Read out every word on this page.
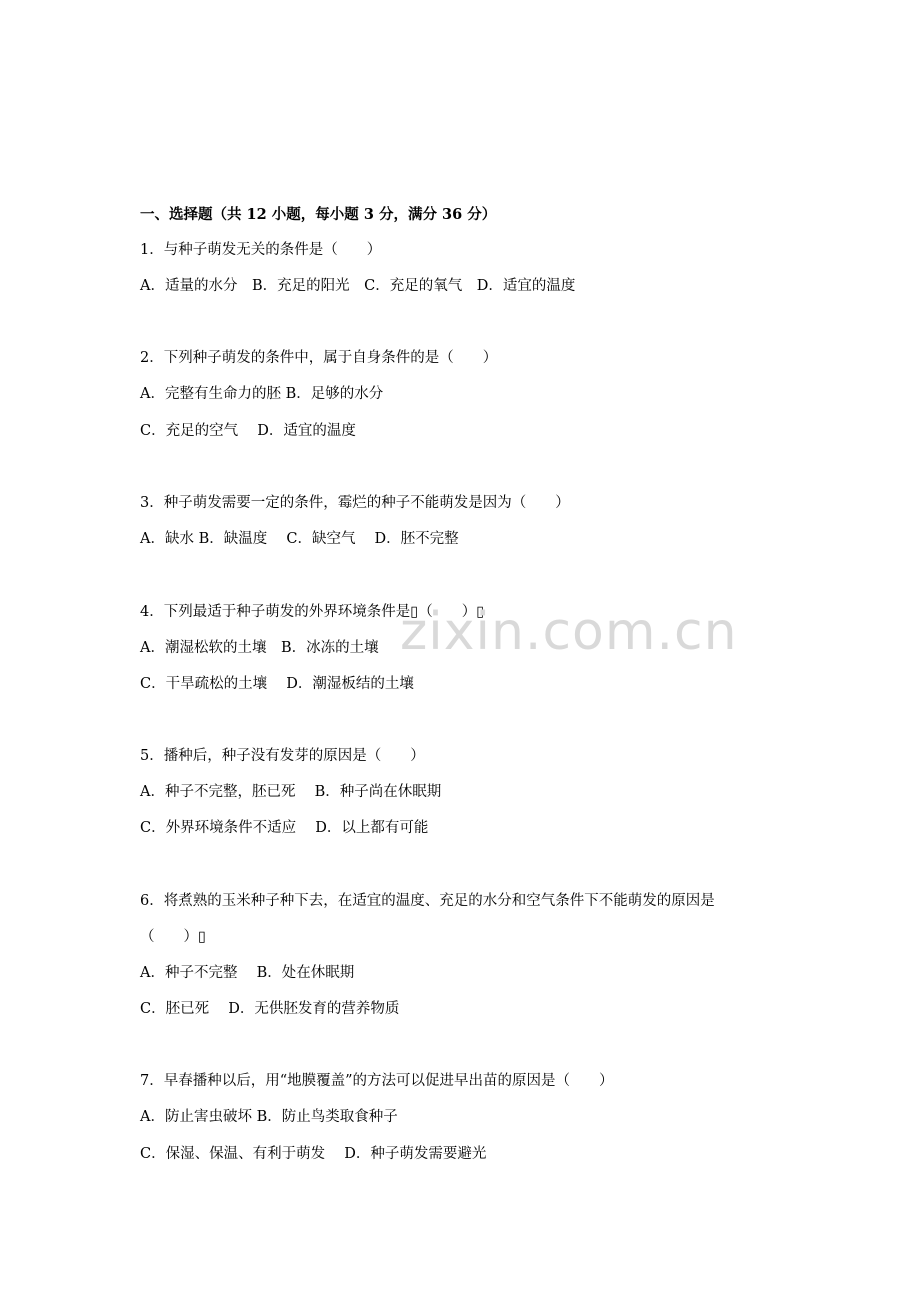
一、选择题（共 12 小题，每小题 3 分，满分 36 分）
1．与种子萌发无关的条件是（　　）
A．适量的水分　B．充足的阳光　C．充足的氧气　D．适宜的温度
2．下列种子萌发的条件中，属于自身条件的是（　　）
A．完整有生命力的胚 B．足够的水分
C．充足的空气　 D．适宜的温度
3．种子萌发需要一定的条件，霉烂的种子不能萌发是因为（　　）
A．缺水 B．缺温度　 C．缺空气　 D．胚不完整
4．下列最适于种子萌发的外界环境条件是▯（　　）▯
A．潮湿松软的土壤　B．冰冻的土壤
C．干旱疏松的土壤　 D．潮湿板结的土壤
5．播种后，种子没有发芽的原因是（　　）
A．种子不完整，胚已死　 B．种子尚在休眠期
C．外界环境条件不适应　 D．以上都有可能
6．将煮熟的玉米种子种下去，在适宜的温度、充足的水分和空气条件下不能萌发的原因是
（　　）▯
A．种子不完整　 B．处在休眠期
C．胚已死　 D．无供胚发育的营养物质
7．早春播种以后，用“地膜覆盖”的方法可以促进早出苗的原因是（　　）
A．防止害虫破坏 B．防止鸟类取食种子
C．保湿、保温、有利于萌发　 D．种子萌发需要避光
zixin.com.cn
